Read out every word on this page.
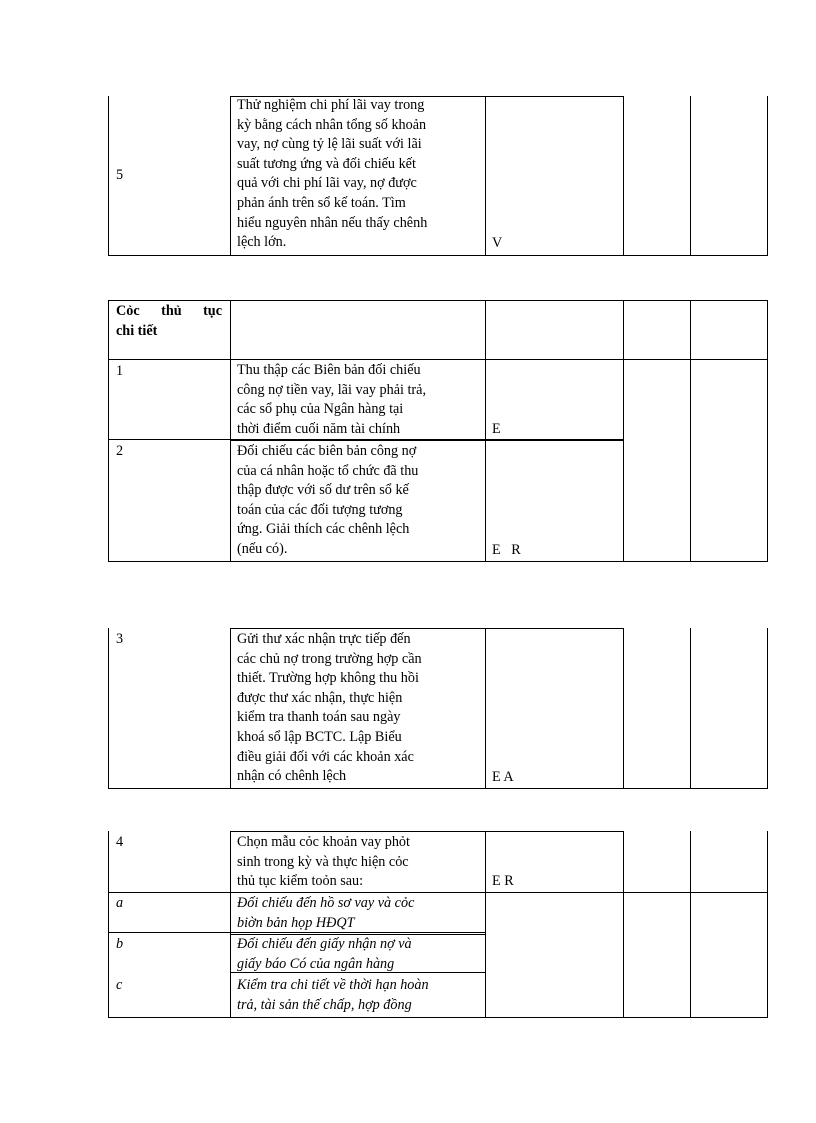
5
Thử nghiệm chi phí lãi vay trong
kỳ bằng cách nhân tổng số khoản
vay, nợ cùng tỷ lệ lãi suất với lãi
suất tương ứng và đối chiếu kết
quả với chi phí lãi vay, nợ được
phản ánh trên sổ kế toán. Tìm
hiểu nguyên nhân nếu thấy chênh
lệch lớn.	V
Cỏc thủ tục
chi tiết
1	Thu thập các Biên bản đối chiếu
công nợ tiền vay, lãi vay phải trả,
các sổ phụ của Ngân hàng tại
thời điểm cuối năm tài chính	E
2	Đối chiếu các biên bản công nợ
của cá nhân hoặc tổ chức đã thu
thập được với số dư trên sổ kế
toán của các đối tượng tương
ứng. Giải thích các chênh lệch
(nếu có).	E   R
3	Gửi thư xác nhận trực tiếp đến
các chủ nợ trong trường hợp cần
thiết. Trường hợp không thu hồi
được thư xác nhận, thực hiện
kiểm tra thanh toán sau ngày
khoá sổ lập BCTC. Lập Biểu
điều giải đối với các khoản xác
nhận có chênh lệch	E A
4	Chọn mẫu cỏc khoản vay phỏt
sinh trong kỳ và thực hiện cỏc
thủ tục kiểm toỏn sau:	E R
a	Đối chiếu đến hồ sơ vay và cỏc
biờn bản họp HĐQT
b	Đối chiếu đến giấy nhận nợ và
giấy báo Có của ngân hàng
c	Kiểm tra chi tiết về thời hạn hoàn
trả, tài sản thế chấp, hợp đồng
